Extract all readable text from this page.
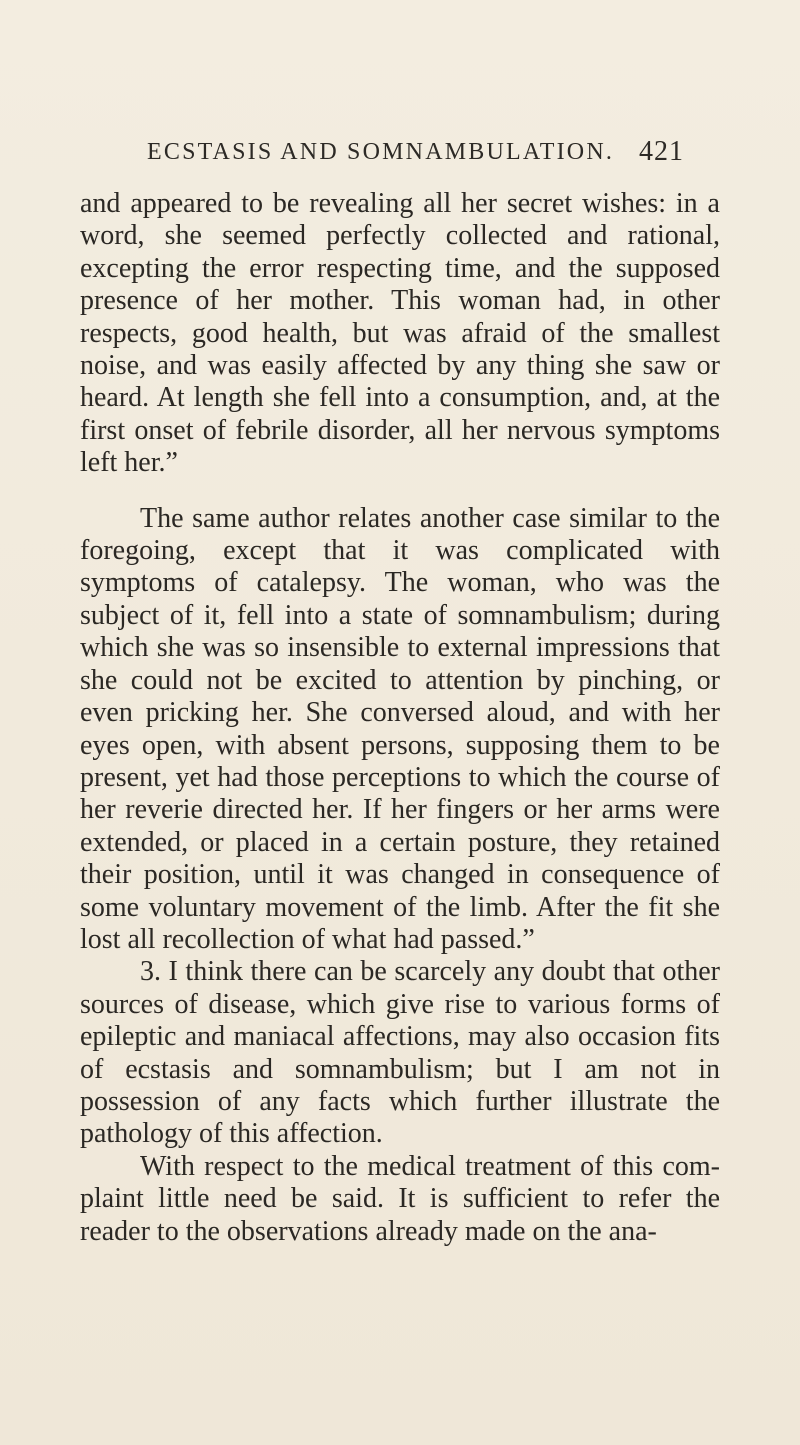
ECSTASIS AND SOMNAMBULATION. 421

and appeared to be revealing all her secret wishes: in a word, she seemed perfectly collected and rational, excepting the error respecting time, and the supposed presence of her mother. This woman had, in other respects, good health, but was afraid of the smallest noise, and was easily affected by any thing she saw or heard. At length she fell into a consumption, and, at the first onset of febrile disorder, all her nervous symptoms left her.”

The same author relates another case similar to the foregoing, except that it was complicated with symptoms of catalepsy. The woman, who was the subject of it, fell into a state of somnambulism; during which she was so insensible to external impressions that she could not be excited to attention by pinching, or even pricking her. She conversed aloud, and with her eyes open, with absent persons, supposing them to be present, yet had those perceptions to which the course of her reverie directed her. If her fingers or her arms were extended, or placed in a certain posture, they retained their position, until it was changed in consequence of some voluntary movement of the limb. After the fit she lost all recollection of what had passed.”

3. I think there can be scarcely any doubt that other sources of disease, which give rise to various forms of epileptic and maniacal affections, may also occasion fits of ecstasis and somnambulism; but I am not in possession of any facts which further illustrate the pathology of this affection.

With respect to the medical treatment of this com- plaint little need be said. It is sufficient to refer the reader to the observations already made on the ana-
